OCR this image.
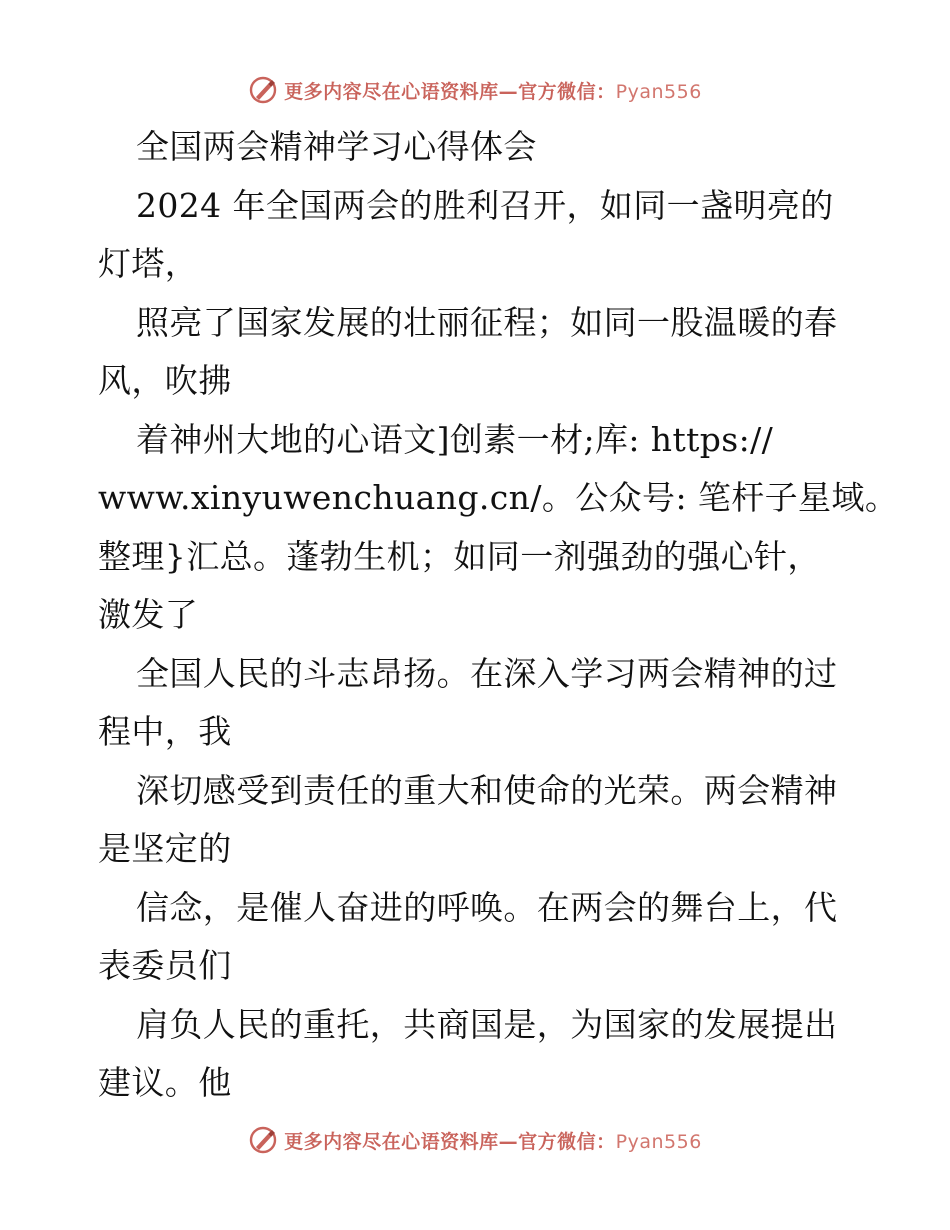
更多内容尽在心语资料库—官方微信：Pyan556
全国两会精神学习心得体会
2024 年全国两会的胜利召开，如同一盏明亮的
灯塔，
照亮了国家发展的壮丽征程；如同一股温暖的春
风，吹拂
着神州大地的心语文]创素一材;库: https://
www.xinyuwenchuang.cn/。公众号: 笔杆子星域。
整理}汇总。蓬勃生机；如同一剂强劲的强心针，
激发了
全国人民的斗志昂扬。在深入学习两会精神的过
程中，我
深切感受到责任的重大和使命的光荣。两会精神
是坚定的
信念，是催人奋进的呼唤。在两会的舞台上，代
表委员们
肩负人民的重托，共商国是，为国家的发展提出
建议。他
更多内容尽在心语资料库—官方微信：Pyan556
